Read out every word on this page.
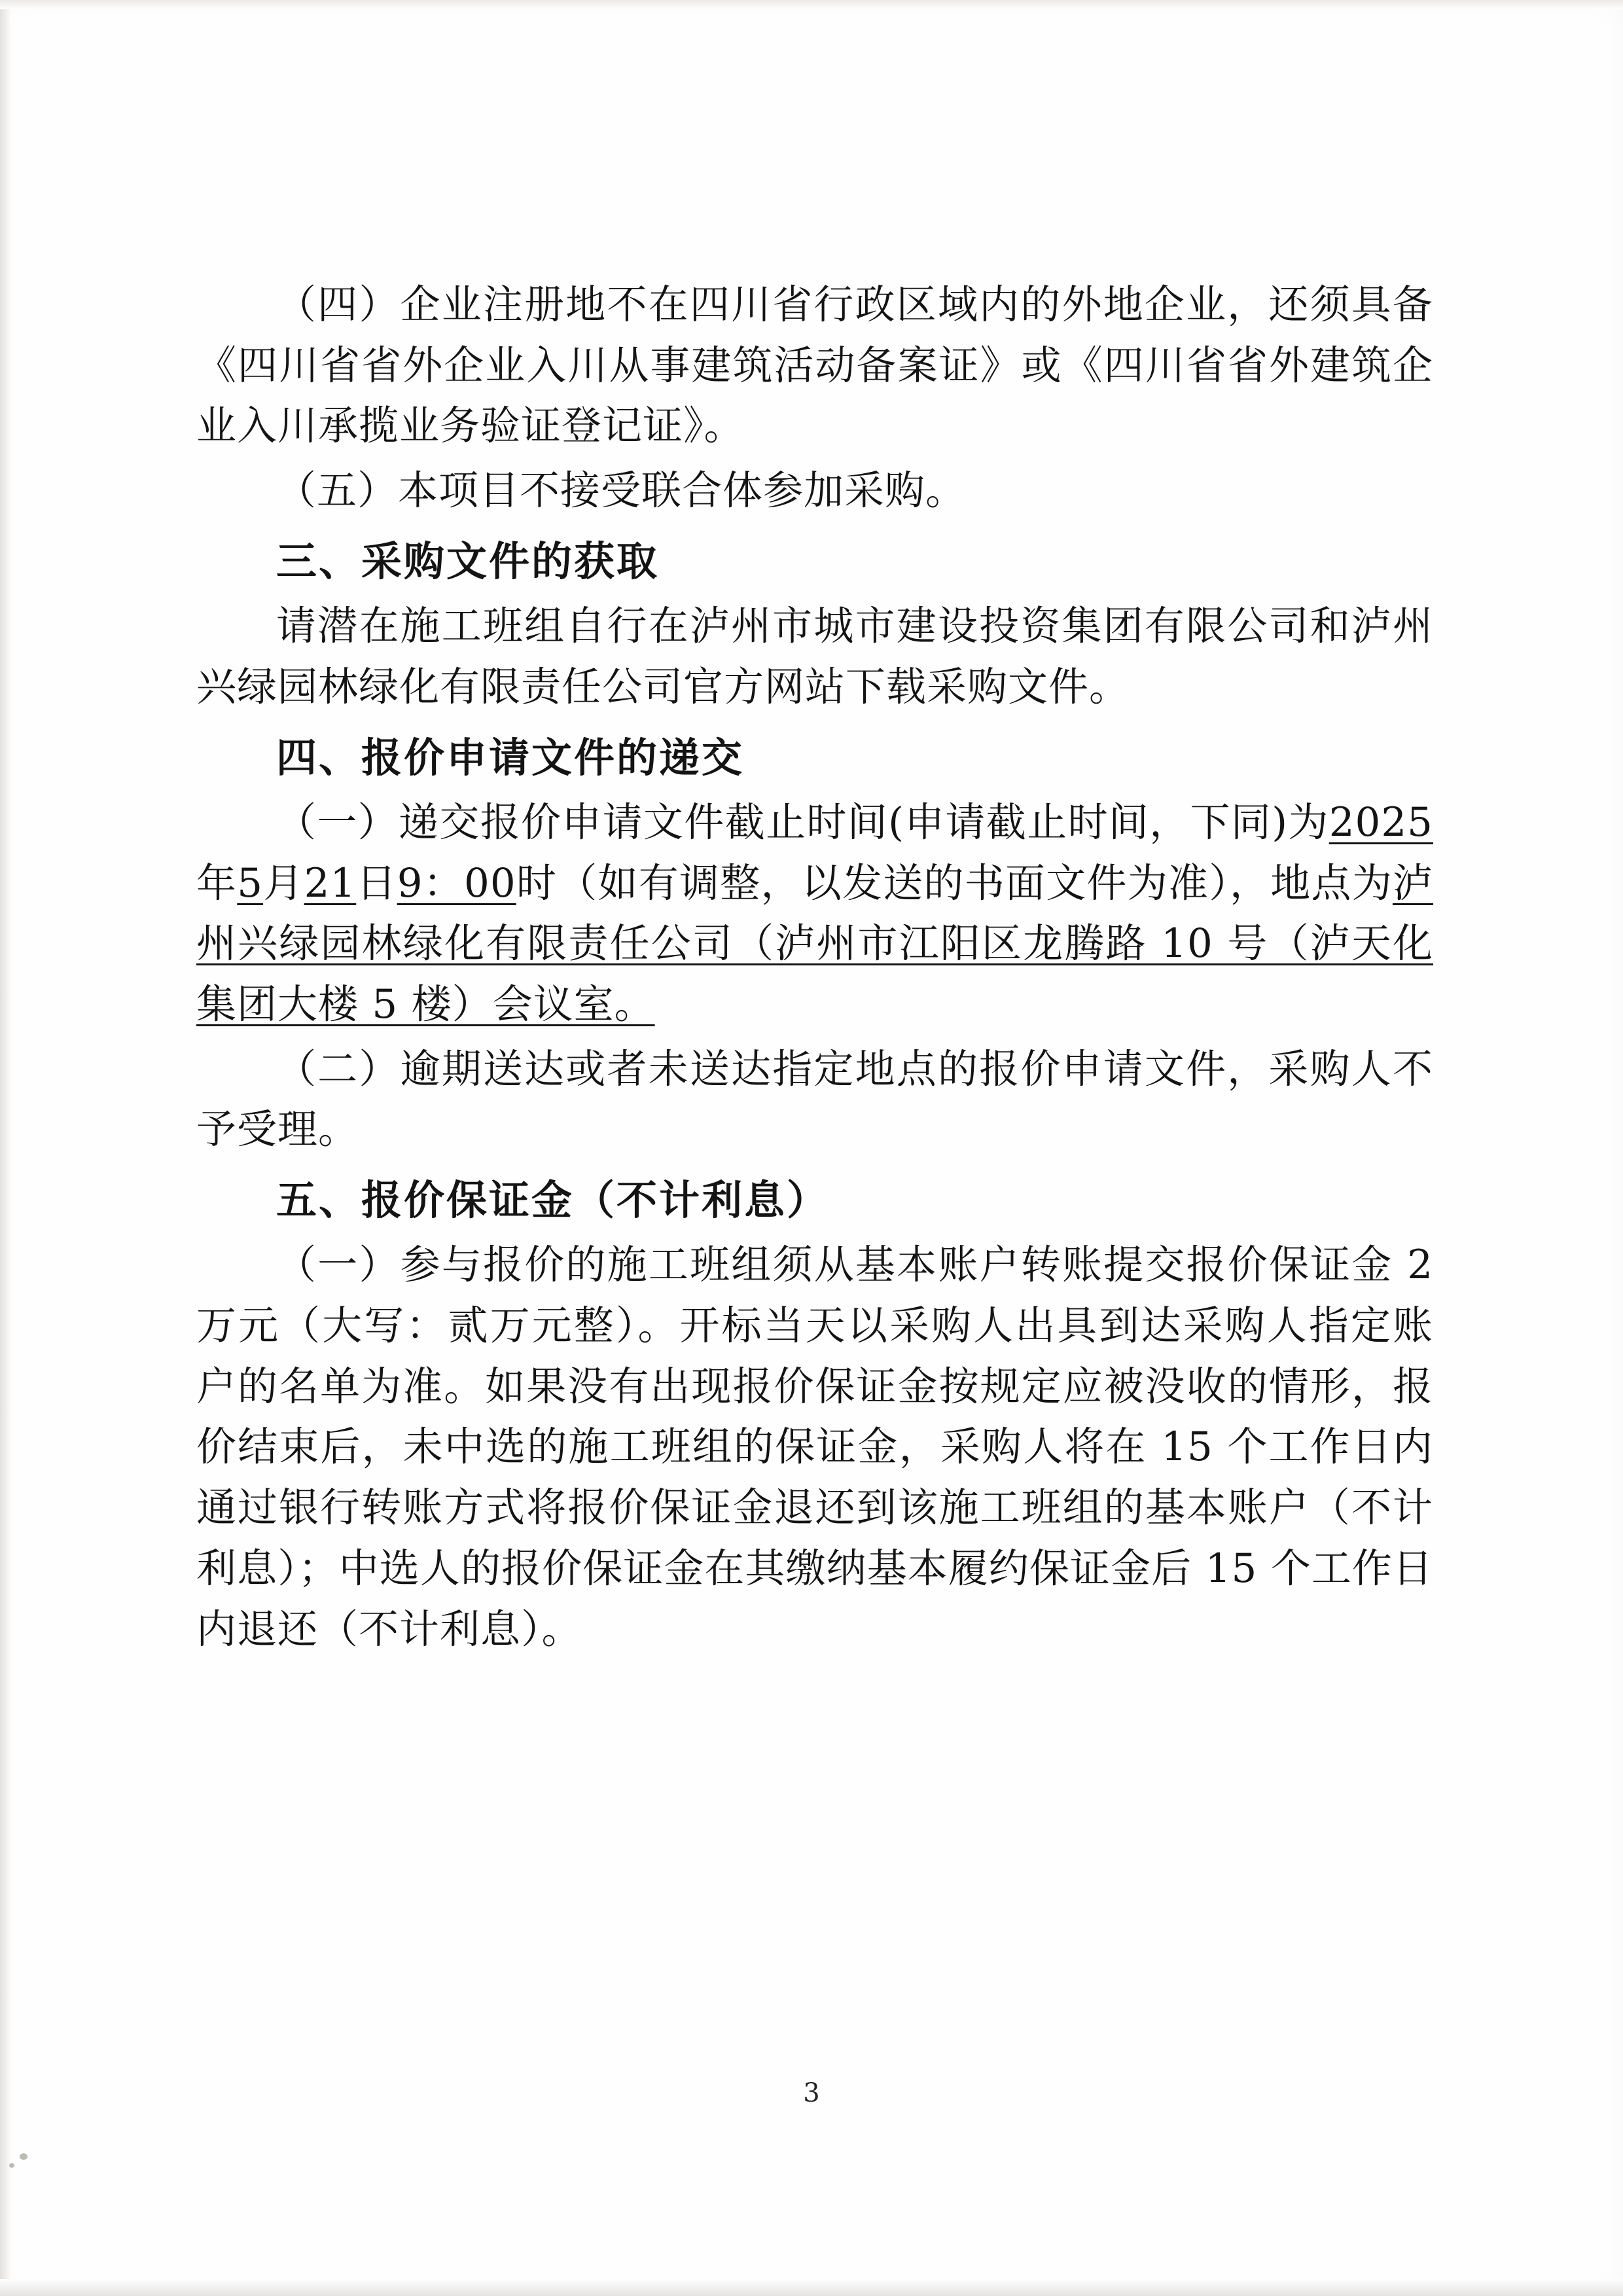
（四）企业注册地不在四川省行政区域内的外地企业，还须具备《四川省省外企业入川从事建筑活动备案证》或《四川省省外建筑企业入川承揽业务验证登记证》。

（五）本项目不接受联合体参加采购。

三、采购文件的获取

请潜在施工班组自行在泸州市城市建设投资集团有限公司和泸州兴绿园林绿化有限责任公司官方网站下载采购文件。

四、报价申请文件的递交

（一）递交报价申请文件截止时间(申请截止时间，下同)为2025年5月21日9：00时（如有调整，以发送的书面文件为准），地点为泸州兴绿园林绿化有限责任公司（泸州市江阳区龙腾路 10 号（泸天化集团大楼 5 楼）会议室。

（二）逾期送达或者未送达指定地点的报价申请文件，采购人不予受理。

五、报价保证金（不计利息）

（一）参与报价的施工班组须从基本账户转账提交报价保证金 2 万元（大写：贰万元整）。开标当天以采购人出具到达采购人指定账户的名单为准。如果没有出现报价保证金按规定应被没收的情形，报价结束后，未中选的施工班组的保证金，采购人将在 15 个工作日内通过银行转账方式将报价保证金退还到该施工班组的基本账户（不计利息）；中选人的报价保证金在其缴纳基本履约保证金后 15 个工作日内退还（不计利息）。

3
